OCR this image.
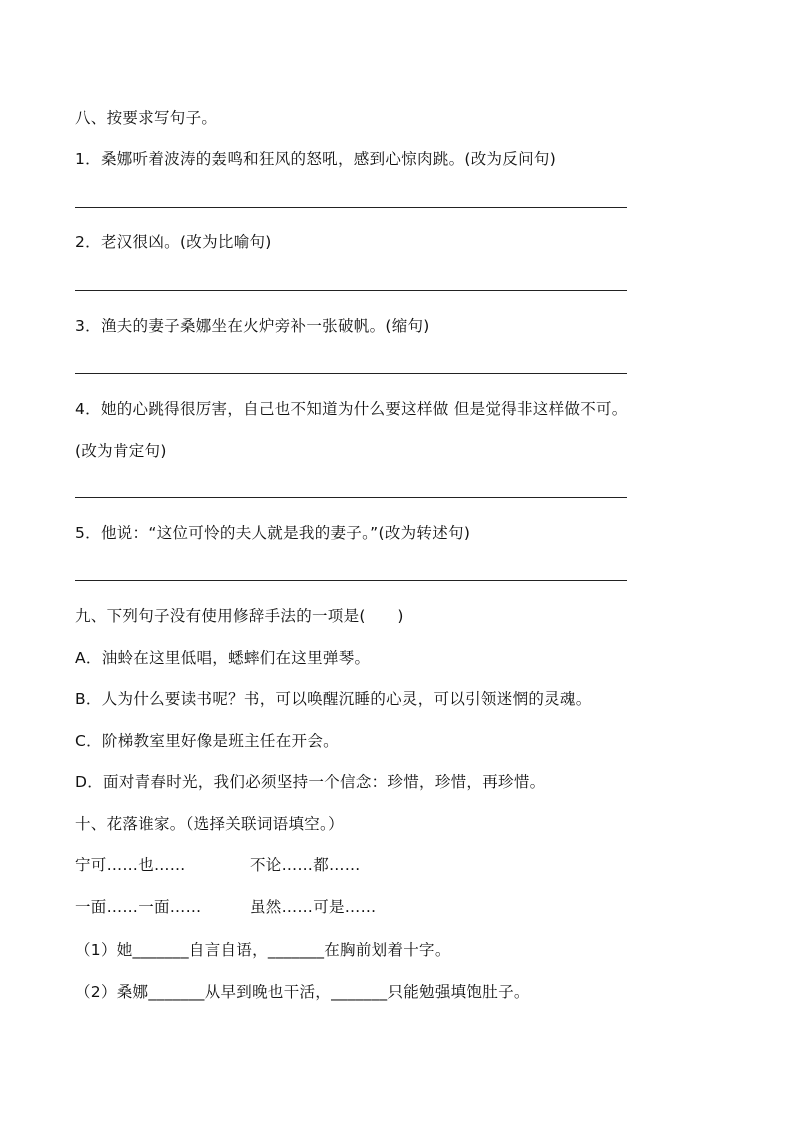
八、按要求写句子。
1．桑娜听着波涛的轰鸣和狂风的怒吼，感到心惊肉跳。(改为反问句)
2．老汉很凶。(改为比喻句)
3．渔夫的妻子桑娜坐在火炉旁补一张破帆。(缩句)
4．她的心跳得很厉害，自己也不知道为什么要这样做 但是觉得非这样做不可。
(改为肯定句)
5．他说：“这位可怜的夫人就是我的妻子。”(改为转述句)
九、下列句子没有使用修辞手法的一项是(　　)
A．油蛉在这里低唱，蟋蟀们在这里弹琴。
B．人为什么要读书呢？书，可以唤醒沉睡的心灵，可以引领迷惘的灵魂。
C．阶梯教室里好像是班主任在开会。
D．面对青春时光，我们必须坚持一个信念：珍惜，珍惜，再珍惜。
十、花落谁家。（选择关联词语填空。）
宁可……也……	不论……都……
一面……一面……	虽然……可是……
（1）她_______自言自语，_______在胸前划着十字。
（2）桑娜_______从早到晚也干活，_______只能勉强填饱肚子。
